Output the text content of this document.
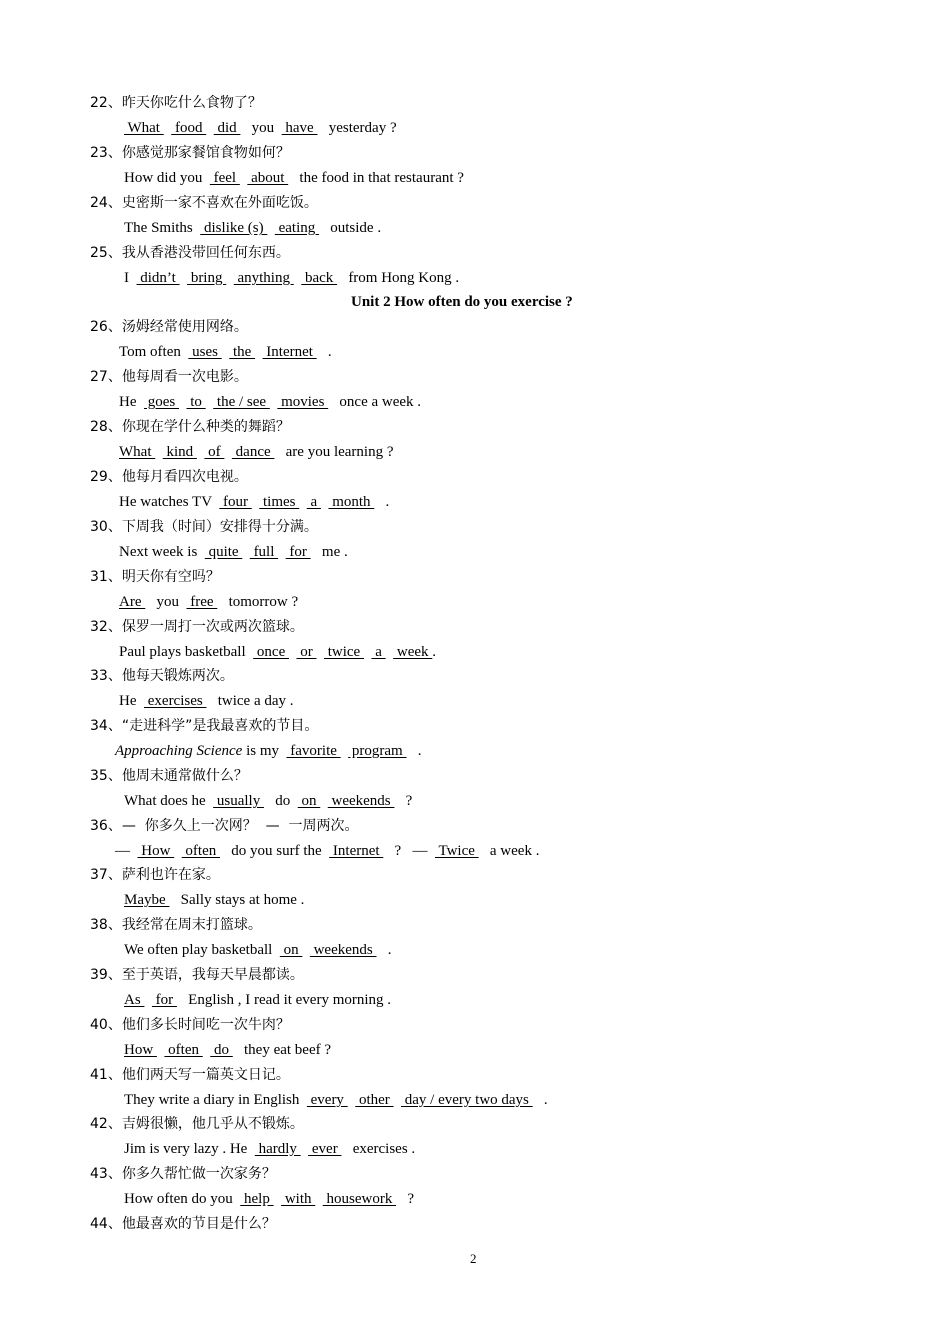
22、昨天你吃什么食物了？
What    food    did    you   have    yesterday ?
23、你感觉那家餐馆食物如何？
How did you   feel    about    the food in that restaurant ?
24、史密斯一家不喜欢在外面吃饭。
The Smiths   dislike (s)    eating    outside .
25、我从香港没带回任何东西。
I   didn’t    bring    anything    back    from Hong Kong .
26、汤姆经常使用网络。
Tom often   uses    the    Internet    .
27、他每周看一次电影。
He   goes    to    the / see    movies    once a week .
28、你现在学什么种类的舞蹈？
What    kind    of    dance    are you learning ?
29、他每月看四次电视。
He watches TV   four    times    a    month    .
30、下周我（时间）安排得十分满。
Next week is   quite    full    for    me .
31、明天你有空吗？
Are    you   free    tomorrow ?
32、保罗一周打一次或两次篮球。
Paul plays basketball   once    or    twice    a    week .
33、他每天锻炼两次。
He   exercises    twice a day .
34、“走进科学”是我最喜欢的节目。
Approaching Science is my   favorite    program    .
35、他周末通常做什么？
What does he   usually    do   on    weekends    ?
36、—  你多久上一次网？  —  一周两次。
—   How    often    do you surf the   Internet    ?   —   Twice    a week .
37、萨利也许在家。
Maybe    Sally stays at home .
38、我经常在周末打篮球。
We often play basketball   on    weekends    .
39、至于英语，我每天早晨都读。
As    for    English , I read it every morning .
40、他们多长时间吃一次牛肉？
How    often    do    they eat beef ?
41、他们两天写一篇英文日记。
They write a diary in English   every    other    day / every two days    .
42、吉姆很懒，他几乎从不锻炼。
Jim is very lazy . He   hardly    ever    exercises .
43、你多久帮忙做一次家务？
How often do you   help    with    housework    ?
44、他最喜欢的节目是什么？
Unit 2 How often do you exercise ?
2
